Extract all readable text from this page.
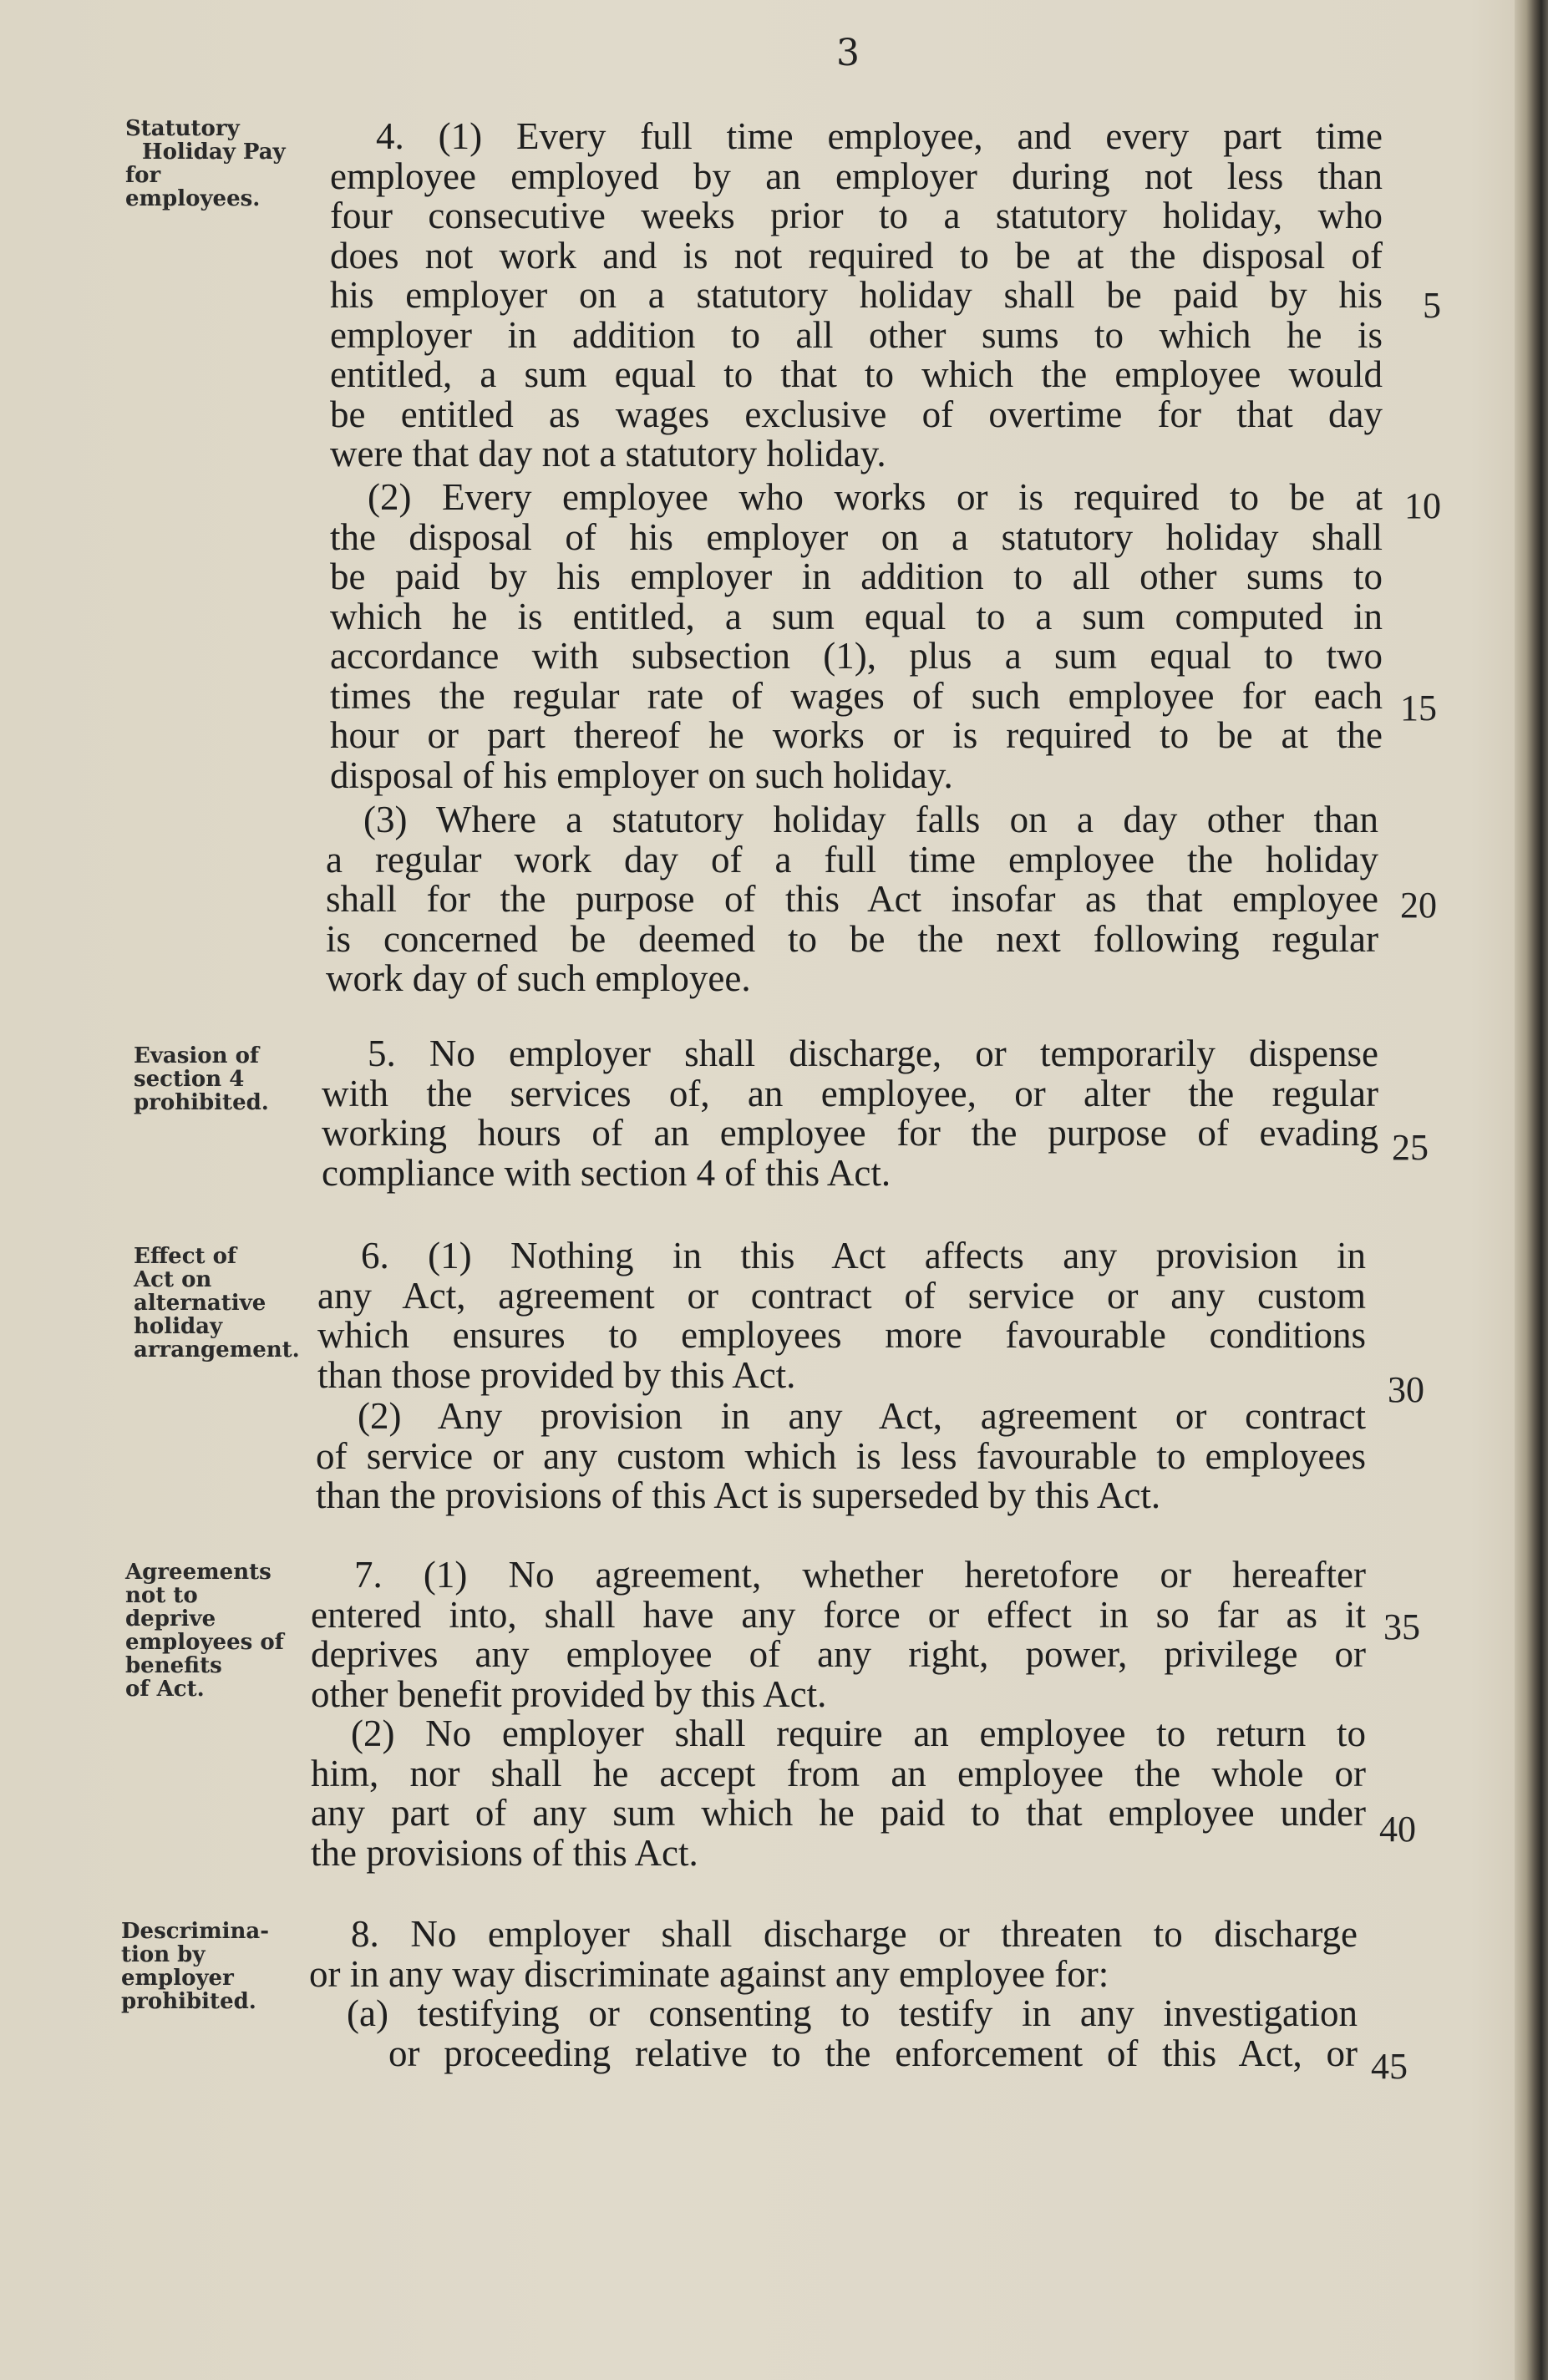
3
Statutory
Holiday Pay
for
employees.
Evasion of
section 4
prohibited.
Effect of
Act on
alternative
holiday
arrangement.
Agreements
not to
deprive
employees of
benefits
of Act.
Descrimina-
tion by
employer
prohibited.
4. (1) Every full time employee, and every part time
employee employed by an employer during not less than
four consecutive weeks prior to a statutory holiday, who
does not work and is not required to be at the disposal of
his employer on a statutory holiday shall be paid by his
employer in addition to all other sums to which he is
entitled, a sum equal to that to which the employee would
be entitled as wages exclusive of overtime for that day
were that day not a statutory holiday.
(2) Every employee who works or is required to be at
the disposal of his employer on a statutory holiday shall
be paid by his employer in addition to all other sums to
which he is entitled, a sum equal to a sum computed in
accordance with subsection (1), plus a sum equal to two
times the regular rate of wages of such employee for each
hour or part thereof he works or is required to be at the
disposal of his employer on such holiday.
(3) Where a statutory holiday falls on a day other than
a regular work day of a full time employee the holiday
shall for the purpose of this Act insofar as that employee
is concerned be deemed to be the next following regular
work day of such employee.
5. No employer shall discharge, or temporarily dispense
with the services of, an employee, or alter the regular
working hours of an employee for the purpose of evading
compliance with section 4 of this Act.
6. (1) Nothing in this Act affects any provision in
any Act, agreement or contract of service or any custom
which ensures to employees more favourable conditions
than those provided by this Act.
(2) Any provision in any Act, agreement or contract
of service or any custom which is less favourable to employees
than the provisions of this Act is superseded by this Act.
7. (1) No agreement, whether heretofore or hereafter
entered into, shall have any force or effect in so far as it
deprives any employee of any right, power, privilege or
other benefit provided by this Act.
(2) No employer shall require an employee to return to
him, nor shall he accept from an employee the whole or
any part of any sum which he paid to that employee under
the provisions of this Act.
8. No employer shall discharge or threaten to discharge
or in any way discriminate against any employee for:
(a) testifying or consenting to testify in any investigation
or proceeding relative to the enforcement of this Act, or
5
10
15
20
25
30
35
40
45
